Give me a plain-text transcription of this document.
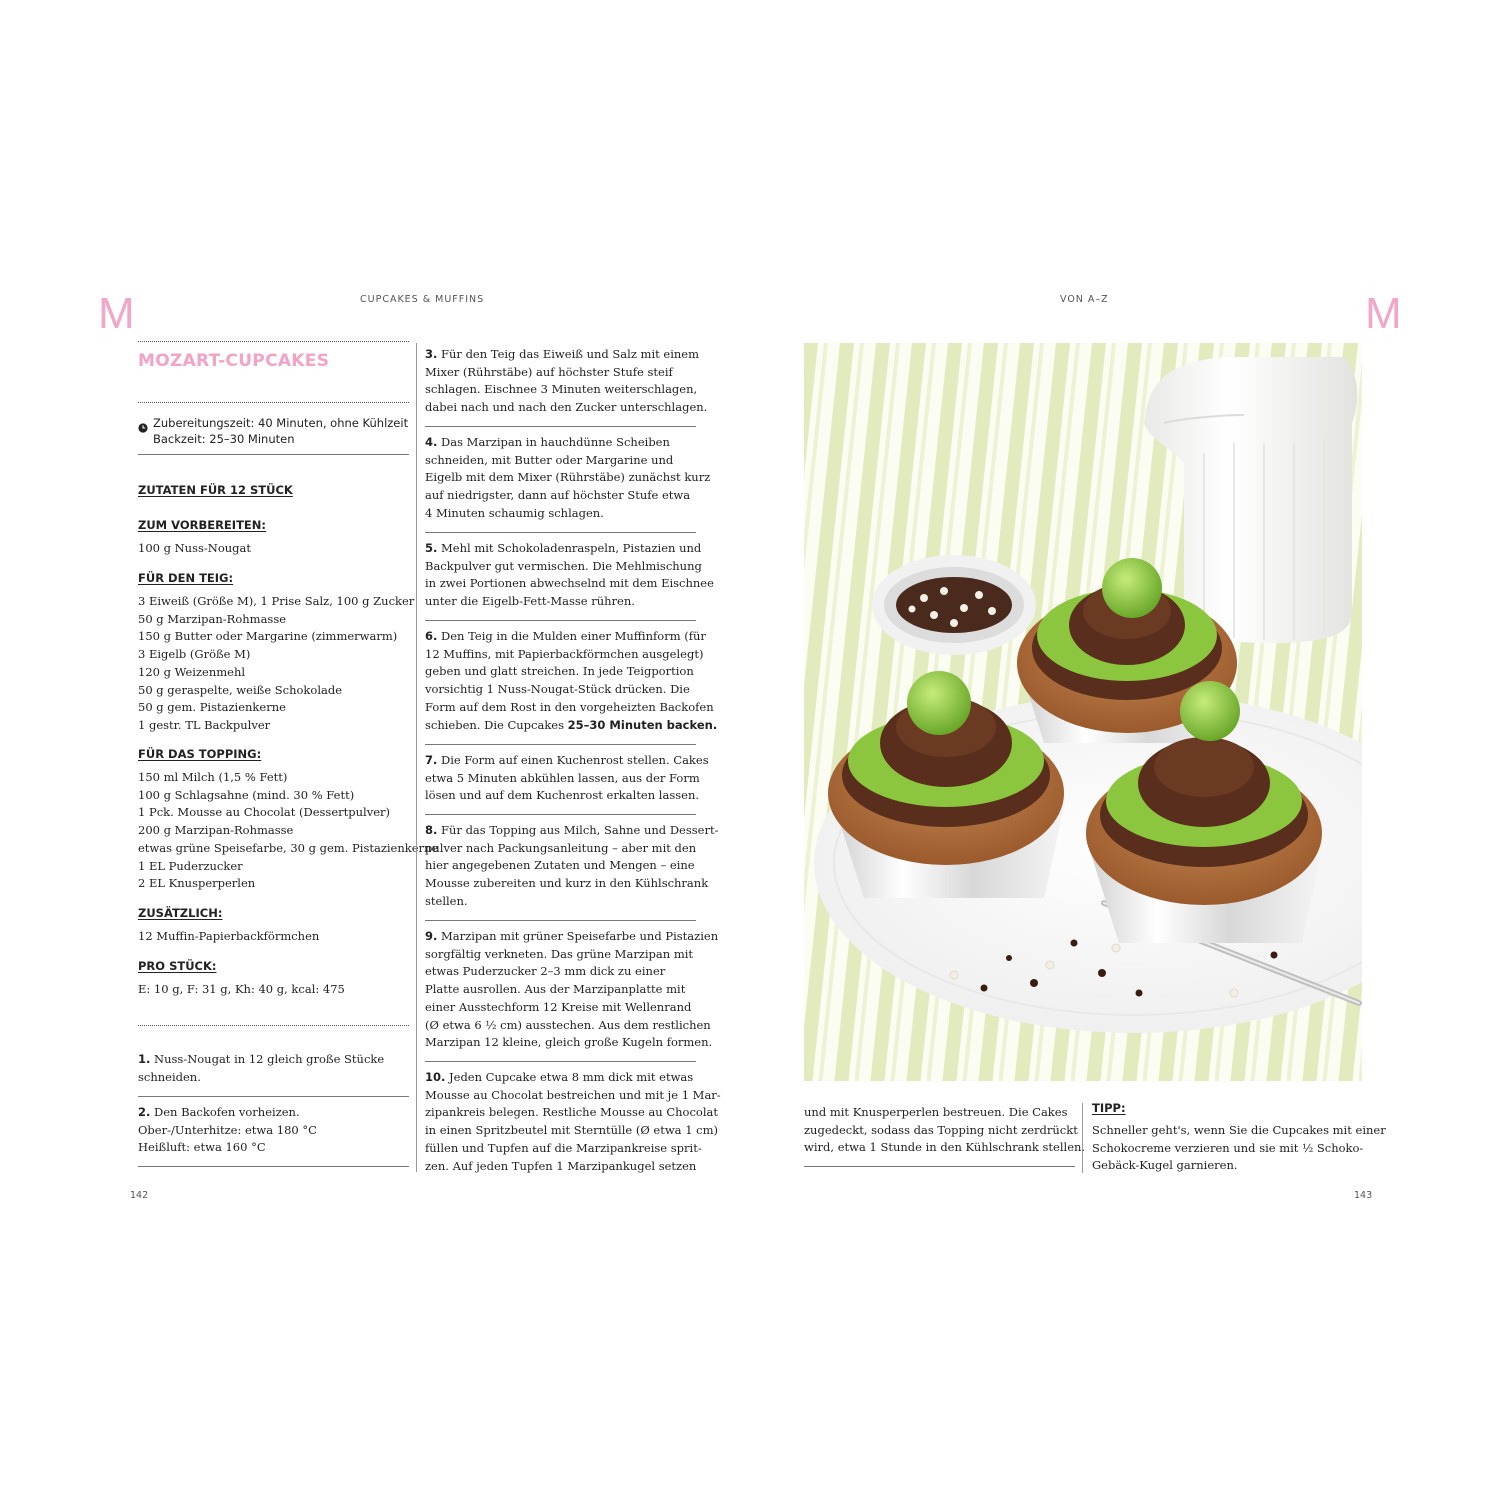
M	CUPCAKES & MUFFINS
MOZART-CUPCAKES
Zubereitungszeit: 40 Minuten, ohne Kühlzeit
Backzeit: 25–30 Minuten
ZUTATEN FÜR 12 STÜCK
ZUM VORBEREITEN:
100 g Nuss-Nougat
FÜR DEN TEIG:
3 Eiweiß (Größe M), 1 Prise Salz, 100 g Zucker
50 g Marzipan-Rohmasse
150 g Butter oder Margarine (zimmerwarm)
3 Eigelb (Größe M)
120 g Weizenmehl
50 g geraspelte, weiße Schokolade
50 g gem. Pistazienkerne
1 gestr. TL Backpulver
FÜR DAS TOPPING:
150 ml Milch (1,5 % Fett)
100 g Schlagsahne (mind. 30 % Fett)
1 Pck. Mousse au Chocolat (Dessertpulver)
200 g Marzipan-Rohmasse
etwas grüne Speisefarbe, 30 g gem. Pistazienkerne
1 EL Puderzucker
2 EL Knusperperlen
ZUSÄTZLICH:
12 Muffin-Papierbackförmchen
PRO STÜCK:
E: 10 g, F: 31 g, Kh: 40 g, kcal: 475
1. Nuss-Nougat in 12 gleich große Stücke
schneiden.
2. Den Backofen vorheizen.
Ober-/Unterhitze: etwa 180 °C
Heißluft: etwa 160 °C
3. Für den Teig das Eiweiß und Salz mit einem
Mixer (Rührstäbe) auf höchster Stufe steif
schlagen. Eischnee 3 Minuten weiterschlagen,
dabei nach und nach den Zucker unterschlagen.
4. Das Marzipan in hauchdünne Scheiben
schneiden, mit Butter oder Margarine und
Eigelb mit dem Mixer (Rührstäbe) zunächst kurz
auf niedrigster, dann auf höchster Stufe etwa
4 Minuten schaumig schlagen.
5. Mehl mit Schokoladenraspeln, Pistazien und
Backpulver gut vermischen. Die Mehlmischung
in zwei Portionen abwechselnd mit dem Eischnee
unter die Eigelb-Fett-Masse rühren.
6. Den Teig in die Mulden einer Muffinform (für
12 Muffins, mit Papierbackförmchen ausgelegt)
geben und glatt streichen. In jede Teigportion
vorsichtig 1 Nuss-Nougat-Stück drücken. Die
Form auf dem Rost in den vorgeheizten Backofen
schieben. Die Cupcakes 25–30 Minuten backen.
7. Die Form auf einen Kuchenrost stellen. Cakes
etwa 5 Minuten abkühlen lassen, aus der Form
lösen und auf dem Kuchenrost erkalten lassen.
8. Für das Topping aus Milch, Sahne und Dessert-
pulver nach Packungsanleitung – aber mit den
hier angegebenen Zutaten und Mengen – eine
Mousse zubereiten und kurz in den Kühlschrank
stellen.
9. Marzipan mit grüner Speisefarbe und Pistazien
sorgfältig verkneten. Das grüne Marzipan mit
etwas Puderzucker 2–3 mm dick zu einer
Platte ausrollen. Aus der Marzipanplatte mit
einer Ausstechform 12 Kreise mit Wellenrand
(Ø etwa 6 ½ cm) ausstechen. Aus dem restlichen
Marzipan 12 kleine, gleich große Kugeln formen.
10. Jeden Cupcake etwa 8 mm dick mit etwas
Mousse au Chocolat bestreichen und mit je 1 Mar-
zipankreis belegen. Restliche Mousse au Chocolat
in einen Spritzbeutel mit Sterntülle (Ø etwa 1 cm)
füllen und Tupfen auf die Marzipankreise sprit-
zen. Auf jeden Tupfen 1 Marzipankugel setzen
142
VON A–Z	M
und mit Knusperperlen bestreuen. Die Cakes
zugedeckt, sodass das Topping nicht zerdrückt
wird, etwa 1 Stunde in den Kühlschrank stellen.
TIPP:
Schneller geht's, wenn Sie die Cupcakes mit einer
Schokocreme verzieren und sie mit ½ Schoko-
Gebäck-Kugel garnieren.
143
